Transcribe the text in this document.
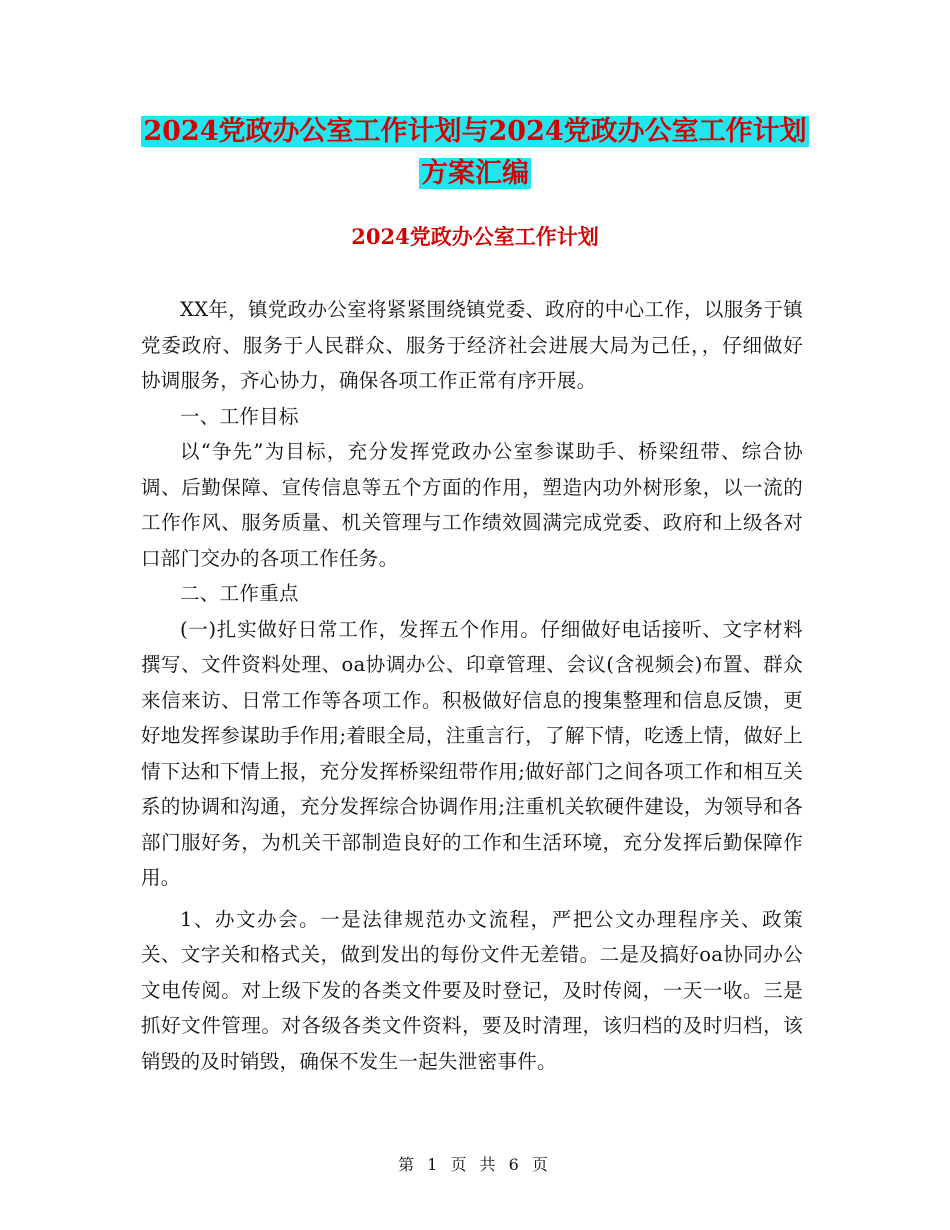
2024党政办公室工作计划与2024党政办公室工作计划
方案汇编
2024党政办公室工作计划

XX年，镇党政办公室将紧紧围绕镇党委、政府的中心工作，以服务于镇党委政府、服务于人民群众、服务于经济社会进展大局为己任，，仔细做好协调服务，齐心协力，确保各项工作正常有序开展。

一、工作目标

以“争先”为目标，充分发挥党政办公室参谋助手、桥梁纽带、综合协调、后勤保障、宣传信息等五个方面的作用，塑造内功外树形象，以一流的工作作风、服务质量、机关管理与工作绩效圆满完成党委、政府和上级各对口部门交办的各项工作任务。

二、工作重点

(一)扎实做好日常工作，发挥五个作用。仔细做好电话接听、文字材料撰写、文件资料处理、oa协调办公、印章管理、会议(含视频会)布置、群众来信来访、日常工作等各项工作。积极做好信息的搜集整理和信息反馈，更好地发挥参谋助手作用;着眼全局，注重言行，了解下情，吃透上情，做好上情下达和下情上报，充分发挥桥梁纽带作用;做好部门之间各项工作和相互关系的协调和沟通，充分发挥综合协调作用;注重机关软硬件建设，为领导和各部门服好务，为机关干部制造良好的工作和生活环境，充分发挥后勤保障作用。

1、办文办会。一是法律规范办文流程，严把公文办理程序关、政策关、文字关和格式关，做到发出的每份文件无差错。二是及搞好oa协同办公文电传阅。对上级下发的各类文件要及时登记，及时传阅，一天一收。三是抓好文件管理。对各级各类文件资料，要及时清理，该归档的及时归档，该销毁的及时销毁，确保不发生一起失泄密事件。

第 1 页 共 6 页
